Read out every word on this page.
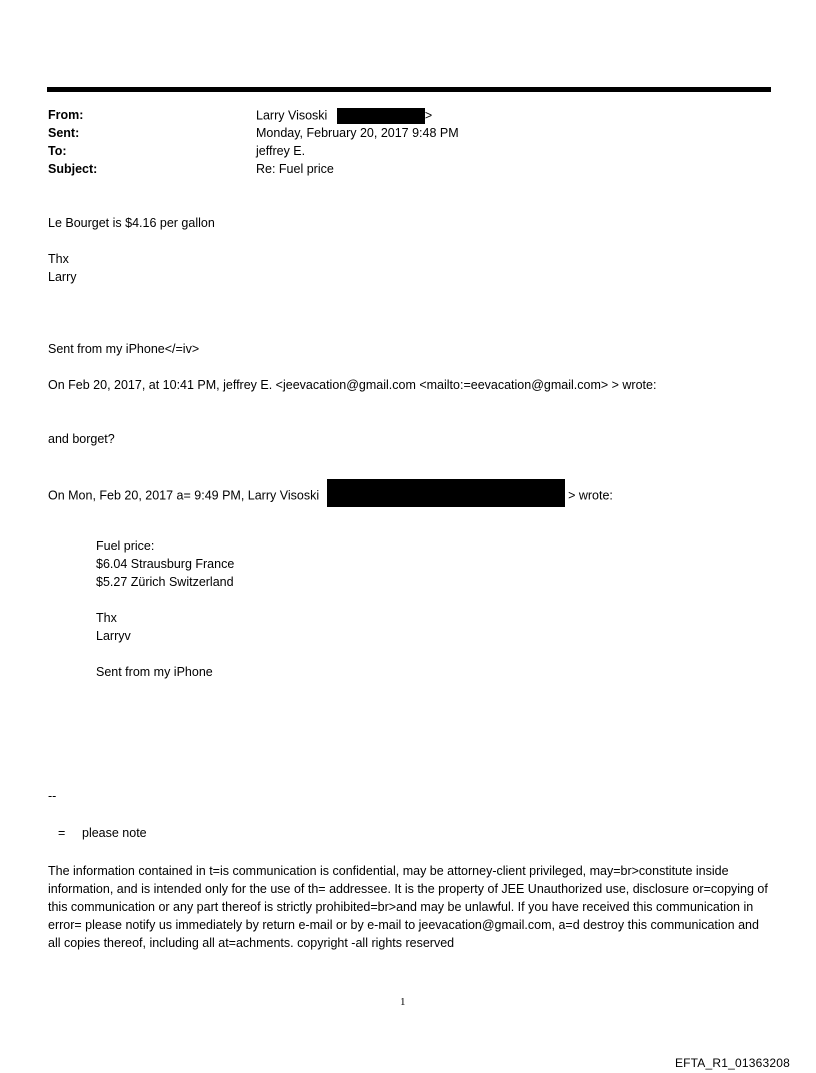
From:	Larry Visoski	>
Sent:	Monday, February 20, 2017 9:48 PM
To:	jeffrey E.
Subject:	Re: Fuel price
Le Bourget is $4.16 per gallon
Thx
Larry
Sent from my iPhone</=iv>
On Feb 20, 2017, at 10:41 PM, jeffrey E. <jeevacation@gmail.com <mailto:=eevacation@gmail.com> > wrote:
and borget?
On Mon, Feb 20, 2017 a= 9:49 PM, Larry Visoski	> wrote:
Fuel price:
$6.04 Strausburg France
$5.27 Zürich Switzerland
Thx
Larryv
Sent from my iPhone
--
= please note
The information contained in t=is communication is confidential, may be attorney-client privileged, may=br>constitute inside information, and is intended only for the use of th= addressee. It is the property of JEE Unauthorized use, disclosure or=copying of this communication or any part thereof is strictly prohibited=br>and may be unlawful. If you have received this communication in error= please notify us immediately by return e-mail or by e-mail to jeevacation@gmail.com, a=d destroy this communication and all copies thereof, including all at=achments. copyright -all rights reserved
1
EFTA_R1_01363208
